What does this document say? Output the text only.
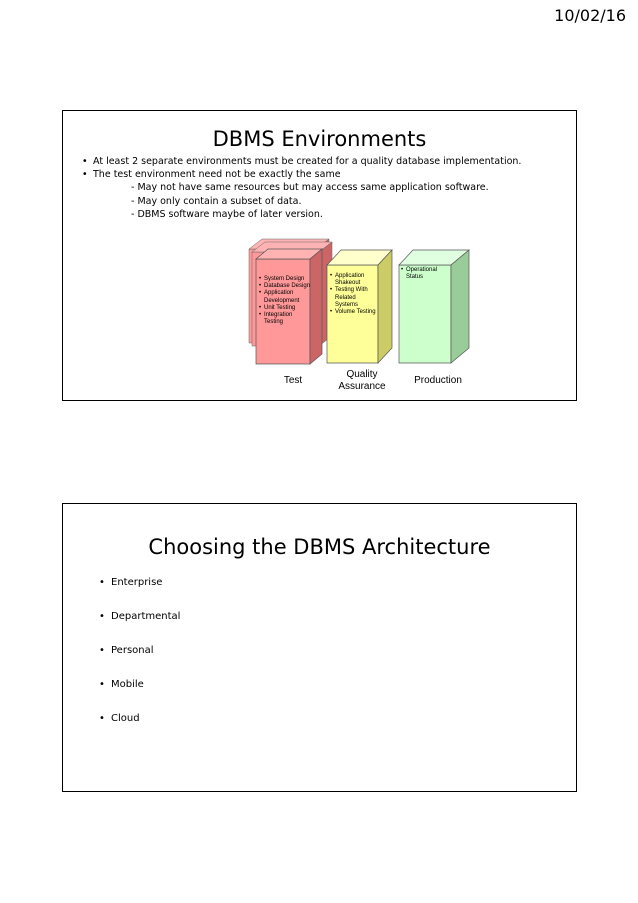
10/02/16
DBMS Environments
• At least 2 separate environments must be created for a quality database implementation.
• The test environment need not be exactly the same
- May not have same resources but may access same application software.
- May only contain a subset of data.
- DBMS software maybe of later version.
• System Design
• Database Design
• Application
Development
• Unit Testing
• Integration
Testing
• Application
Shakeout
• Testing With
Related Systems
• Volume Testing
• Operational
Status
Test
Quality
Assurance
Production
Choosing the DBMS Architecture
• Enterprise
• Departmental
• Personal
• Mobile
• Cloud
